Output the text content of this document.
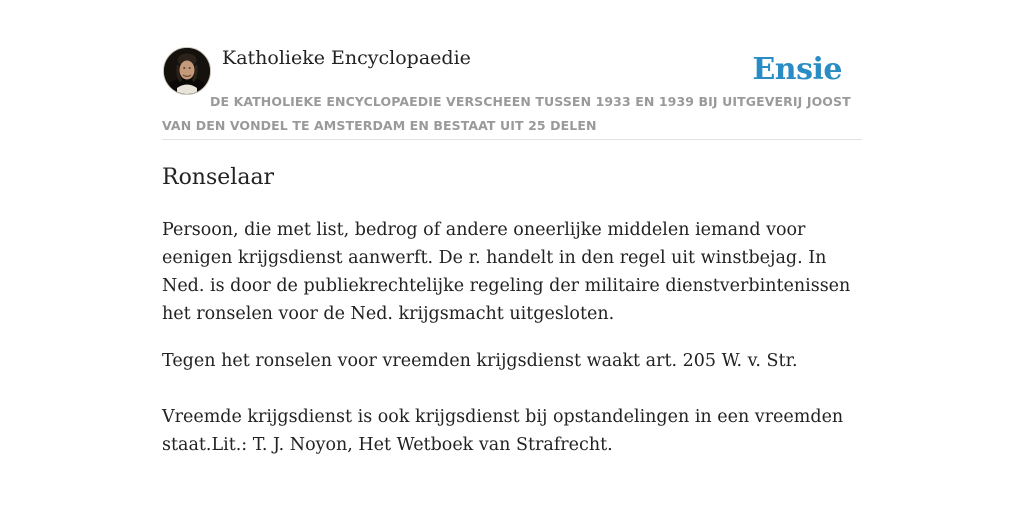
Katholieke Encyclopaedie	Ensie
DE KATHOLIEKE ENCYCLOPAEDIE VERSCHEEN TUSSEN 1933 EN 1939 BIJ UITGEVERIJ JOOST VAN DEN VONDEL TE AMSTERDAM EN BESTAAT UIT 25 DELEN
Ronselaar

Persoon, die met list, bedrog of andere oneerlijke middelen iemand voor eenigen krijgsdienst aanwerft. De r. handelt in den regel uit winstbejag. In Ned. is door de publiekrechtelijke regeling der militaire dienstverbintenissen het ronselen voor de Ned. krijgsmacht uitgesloten.

Tegen het ronselen voor vreemden krijgsdienst waakt art. 205 W. v. Str.

Vreemde krijgsdienst is ook krijgsdienst bij opstandelingen in een vreemden staat.Lit.: T. J. Noyon, Het Wetboek van Strafrecht.
